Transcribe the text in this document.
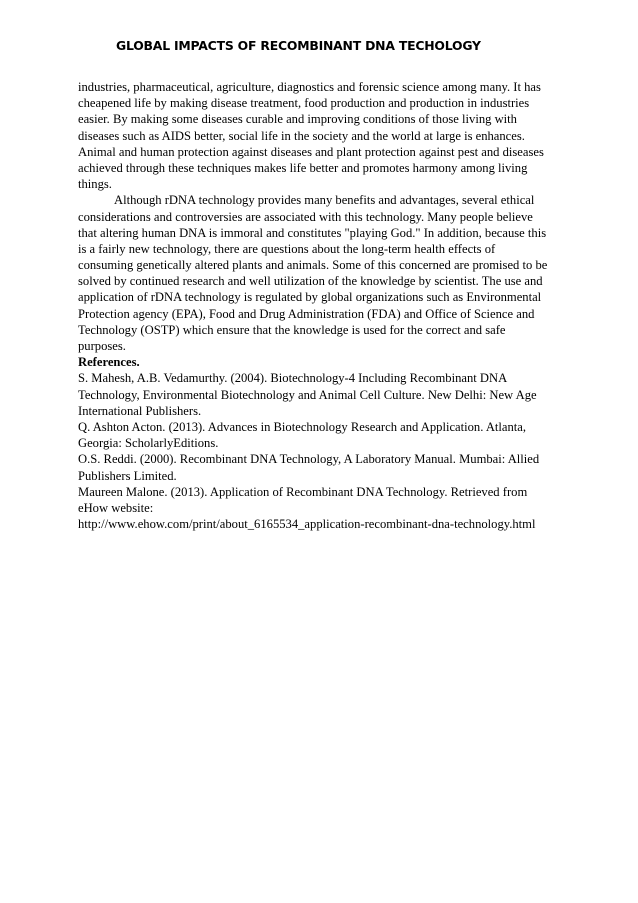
GLOBAL IMPACTS OF RECOMBINANT DNA TECHOLOGY
industries, pharmaceutical, agriculture, diagnostics and forensic science among many. It has
cheapened life by making disease treatment, food production and production in industries
easier. By making some diseases curable and improving conditions of those living with
diseases such as AIDS better, social life in the society and the world at large is enhances.
Animal and human protection against diseases and plant protection against pest and diseases
achieved through these techniques makes life better and promotes harmony among living
things.
Although rDNA technology provides many benefits and advantages, several ethical
considerations and controversies are associated with this technology. Many people believe
that altering human DNA is immoral and constitutes "playing God." In addition, because this
is a fairly new technology, there are questions about the long-term health effects of
consuming genetically altered plants and animals. Some of this concerned are promised to be
solved by continued research and well utilization of the knowledge by scientist. The use and
application of rDNA technology is regulated by global organizations such as Environmental
Protection agency (EPA), Food and Drug Administration (FDA) and Office of Science and
Technology (OSTP) which ensure that the knowledge is used for the correct and safe
purposes.
References.
S. Mahesh, A.B. Vedamurthy. (2004). Biotechnology-4 Including Recombinant DNA
Technology, Environmental Biotechnology and Animal Cell Culture. New Delhi: New Age
International Publishers.
Q. Ashton Acton. (2013). Advances in Biotechnology Research and Application. Atlanta,
Georgia: ScholarlyEditions.
O.S. Reddi. (2000). Recombinant DNA Technology, A Laboratory Manual. Mumbai: Allied
Publishers Limited.
Maureen Malone. (2013). Application of Recombinant DNA Technology. Retrieved from
eHow website:
http://www.ehow.com/print/about_6165534_application-recombinant-dna-technology.html
